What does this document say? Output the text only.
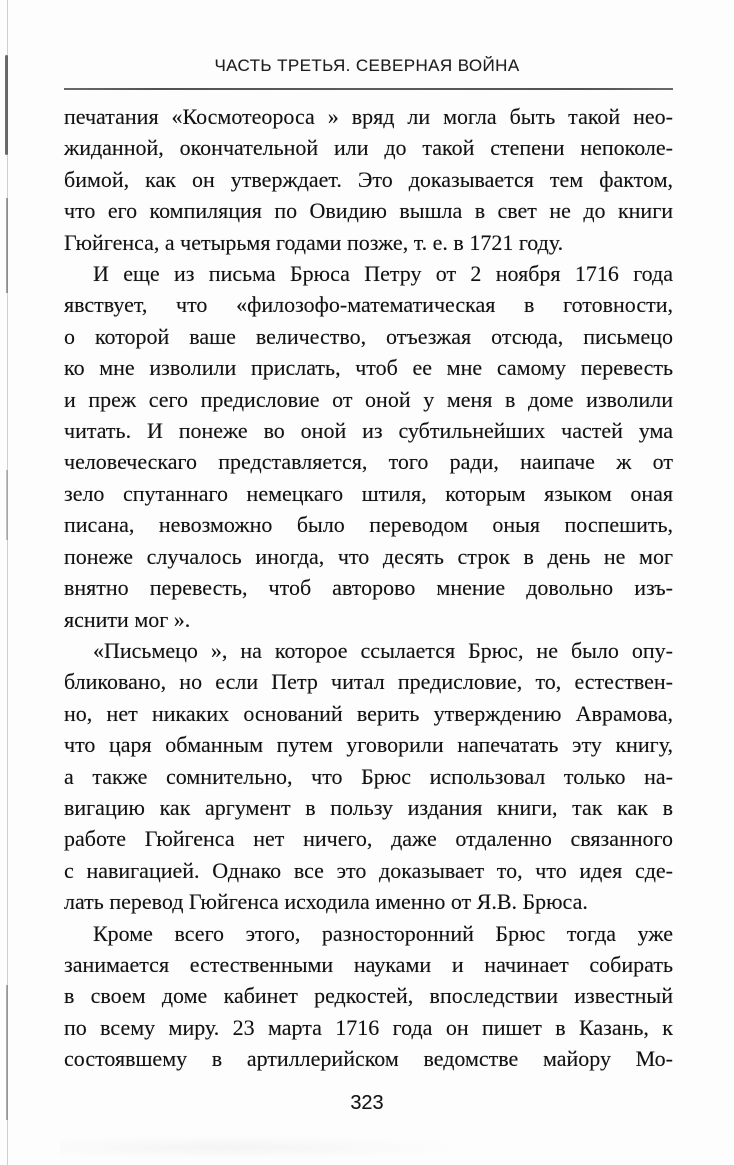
ЧАСТЬ ТРЕТЬЯ. СЕВЕРНАЯ ВОЙНА
печатания «Космотеороса » вряд ли могла быть такой нео-
жиданной, окончательной или до такой степени непоколе-
бимой, как он утверждает. Это доказывается тем фактом,
что его компиляция по Овидию вышла в свет не до книги
Гюйгенса, а четырьмя годами позже, т. е. в 1721 году.
И еще из письма Брюса Петру от 2 ноября 1716 года
явствует, что «филозофо-математическая в готовности,
о которой ваше величество, отъезжая отсюда, письмецо
ко мне изволили прислать, чтоб ее мне самому перевесть
и преж сего предисловие от оной у меня в доме изволили
читать. И понеже во оной из субтильнейших частей ума
человеческаго представляется, того ради, наипаче ж от
зело спутаннаго немецкаго штиля, которым языком оная
писана, невозможно было переводом оныя поспешить,
понеже случалось иногда, что десять строк в день не мог
внятно перевесть, чтоб авторово мнение довольно изъ-
яснити мог ».
«Письмецо », на которое ссылается Брюс, не было опу-
бликовано, но если Петр читал предисловие, то, естествен-
но, нет никаких оснований верить утверждению Аврамова,
что царя обманным путем уговорили напечатать эту книгу,
а также сомнительно, что Брюс использовал только на-
вигацию как аргумент в пользу издания книги, так как в
работе Гюйгенса нет ничего, даже отдаленно связанного
с навигацией. Однако все это доказывает то, что идея сде-
лать перевод Гюйгенса исходила именно от Я.В. Брюса.
Кроме всего этого, разносторонний Брюс тогда уже
занимается естественными науками и начинает собирать
в своем доме кабинет редкостей, впоследствии известный
по всему миру. 23 марта 1716 года он пишет в Казань, к
состоявшему в артиллерийском ведомстве майору Мо-
323
